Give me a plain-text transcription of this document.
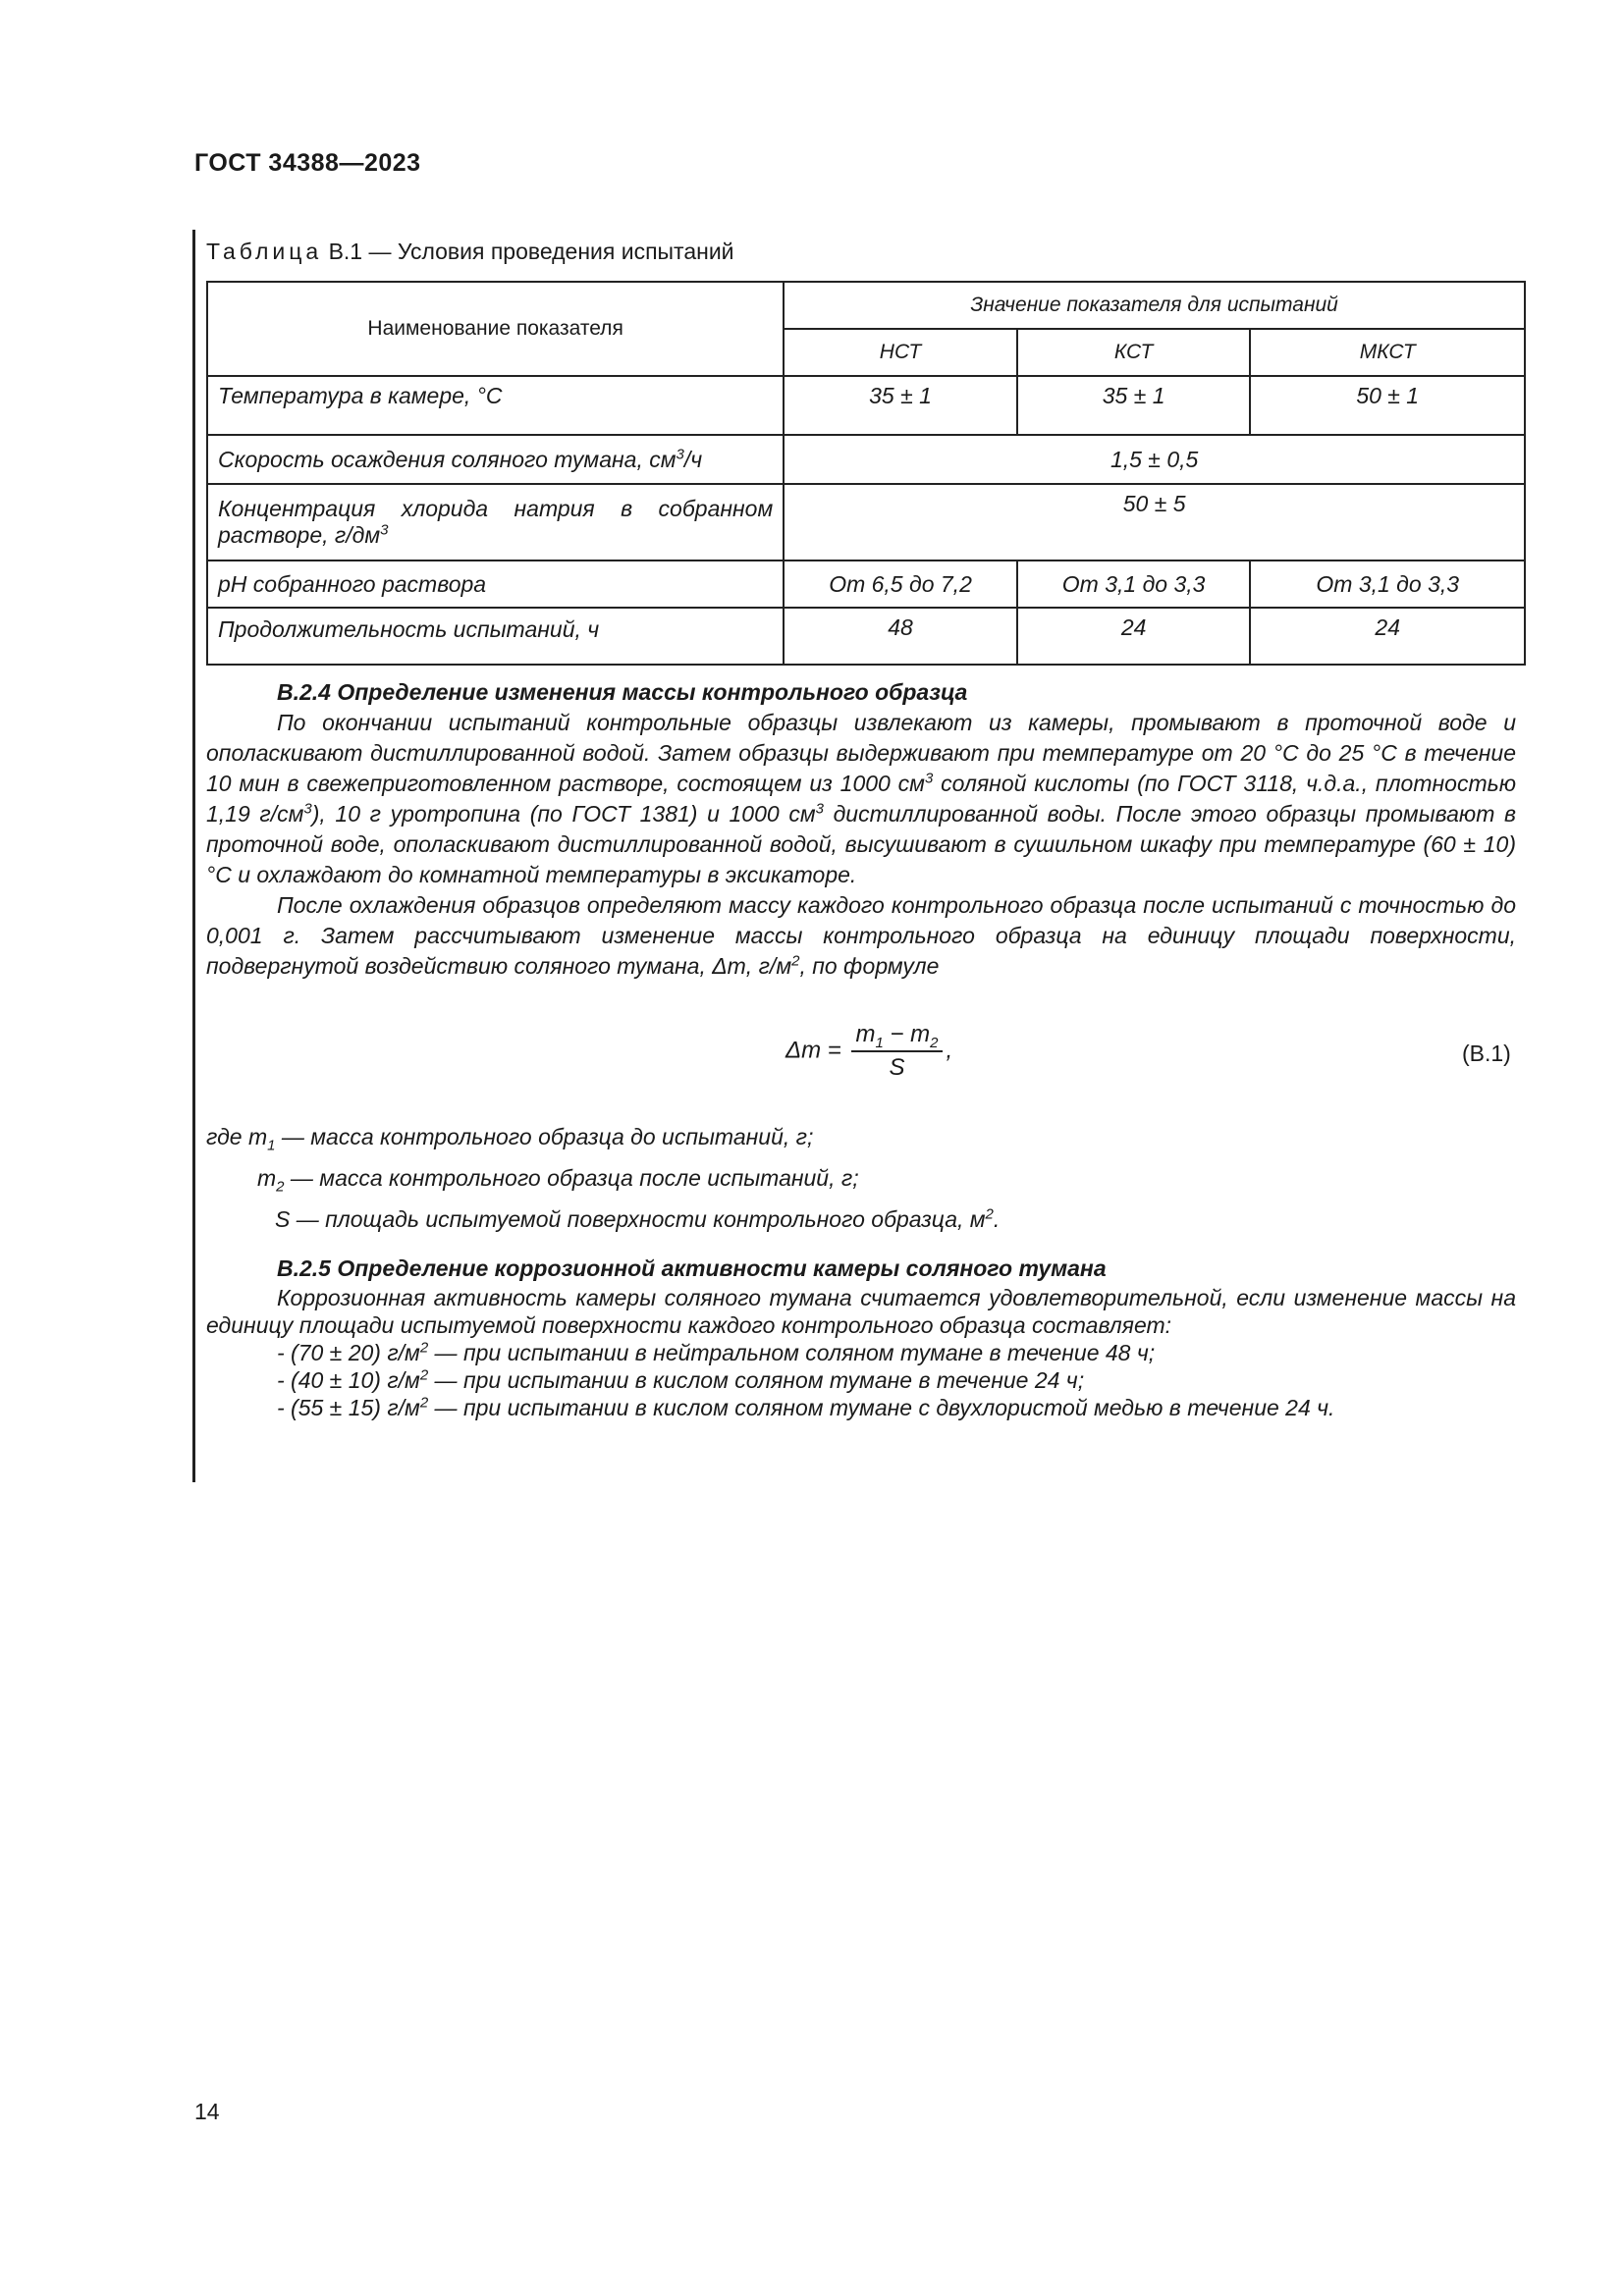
ГОСТ 34388—2023
Таблица В.1 — Условия проведения испытаний
Наименование показателя	Значение показателя для испытаний		
	НСТ	КСТ	МКСТ
Температура в камере, °С	35 ± 1	35 ± 1	50 ± 1
Скорость осаждения соляного тумана, $см^3/ч$	1,5 ± 0,5		
Концентрация хлорида натрия в собранном растворе, $г/дм^3$	50 ± 5		
pH собранного раствора	От 6,5 до 7,2	От 3,1 до 3,3	От 3,1 до 3,3
Продолжительность испытаний, ч	48	24	24

В.2.4 Определение изменения массы контрольного образца

По окончании испытаний контрольные образцы извлекают из камеры, промывают в проточной воде и ополаскивают дистиллированной водой. Затем образцы выдерживают при температуре от 20 °С до 25 °С в течение 10 мин в свежеприготовленном растворе, состоящем из 1000 $см^3$ соляной кислоты (по ГОСТ 3118, ч.д.а., плотностью 1,19 $г/см^3$), 10 г уротропина (по ГОСТ 1381) и 1000 $см^3$ дистиллированной воды. После этого образцы промывают в проточной воде, ополаскивают дистиллированной водой, высушивают в сушильном шкафу при температуре (60 ± 10) °С и охлаждают до комнатной температуры в эксикаторе.

После охлаждения образцов определяют массу каждого контрольного образца после испытаний с точностью до 0,001 г. Затем рассчитывают изменение массы контрольного образца на единицу площади поверхности, подвергнутой воздействию соляного тумана, Δm, $г/м^2$, по формуле

$\Delta m = \frac{m_1 - m_2}{S}$ ,	(В.1)
где $m_1$ — масса контрольного образца до испытаний, г;
$m_2$ — масса контрольного образца после испытаний, г;
S — площадь испытуемой поверхности контрольного образца, $м^2$.

В.2.5 Определение коррозионной активности камеры соляного тумана

Коррозионная активность камеры соляного тумана считается удовлетворительной, если изменение массы на единицу площади испытуемой поверхности каждого контрольного образца составляет:

- (70 ± 20) $г/м^2$ — при испытании в нейтральном соляном тумане в течение 48 ч;
- (40 ± 10) $г/м^2$ — при испытании в кислом соляном тумане в течение 24 ч;
- (55 ± 15) $г/м^2$ — при испытании в кислом соляном тумане с двухлористой медью в течение 24 ч.
14
